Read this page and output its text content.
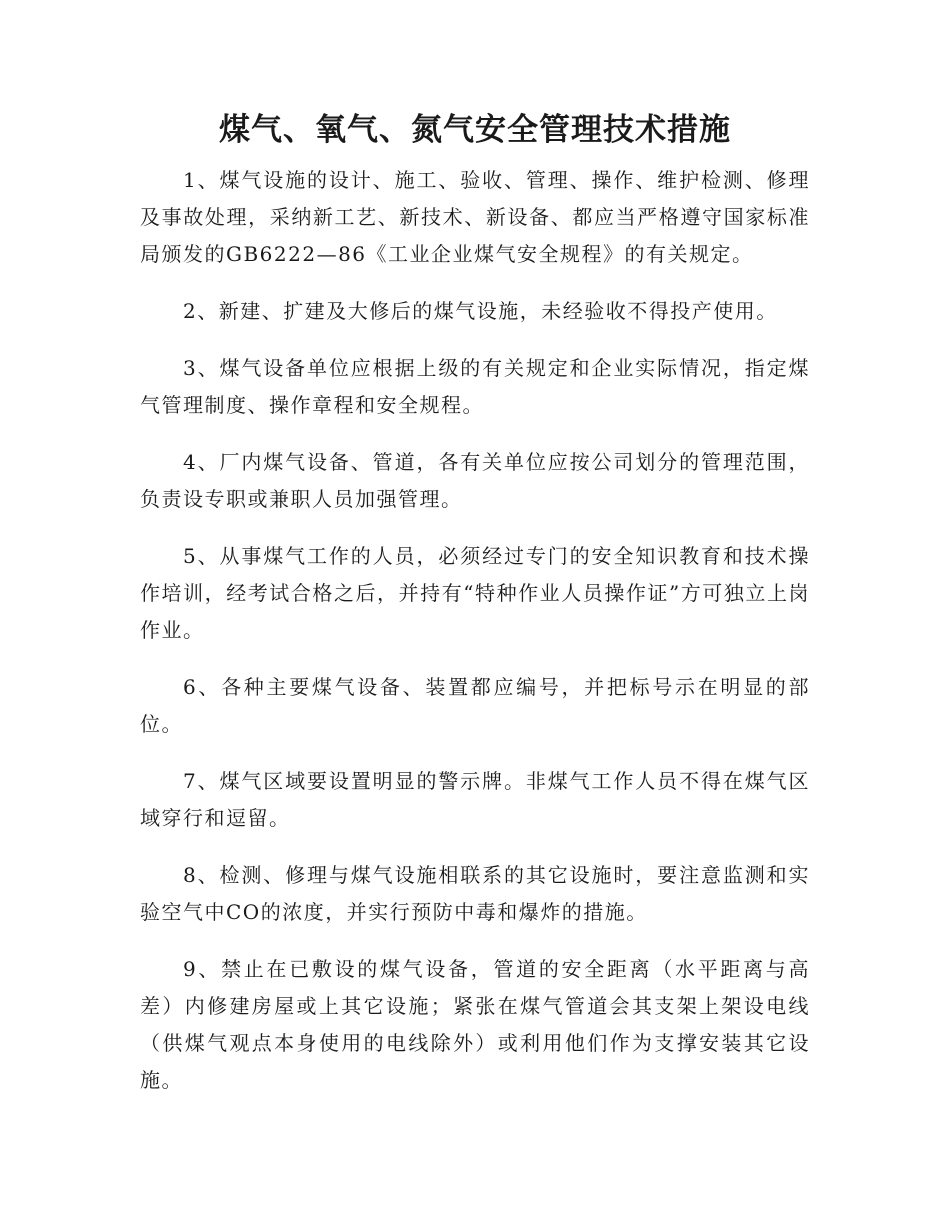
煤气、氧气、氮气安全管理技术措施

1、煤气设施的设计、施工、验收、管理、操作、维护检测、修理及事故处理，采纳新工艺、新技术、新设备、都应当严格遵守国家标准局颁发的GB6222—86《工业企业煤气安全规程》的有关规定。

2、新建、扩建及大修后的煤气设施，未经验收不得投产使用。

3、煤气设备单位应根据上级的有关规定和企业实际情况，指定煤气管理制度、操作章程和安全规程。

4、厂内煤气设备、管道，各有关单位应按公司划分的管理范围，负责设专职或兼职人员加强管理。

5、从事煤气工作的人员，必须经过专门的安全知识教育和技术操作培训，经考试合格之后，并持有“特种作业人员操作证”方可独立上岗作业。

6、各种主要煤气设备、装置都应编号，并把标号示在明显的部位。

7、煤气区域要设置明显的警示牌。非煤气工作人员不得在煤气区域穿行和逗留。

8、检测、修理与煤气设施相联系的其它设施时，要注意监测和实验空气中CO的浓度，并实行预防中毒和爆炸的措施。

9、禁止在已敷设的煤气设备，管道的安全距离（水平距离与高差）内修建房屋或上其它设施；紧张在煤气管道会其支架上架设电线（供煤气观点本身使用的电线除外）或利用他们作为支撑安装其它设施。
